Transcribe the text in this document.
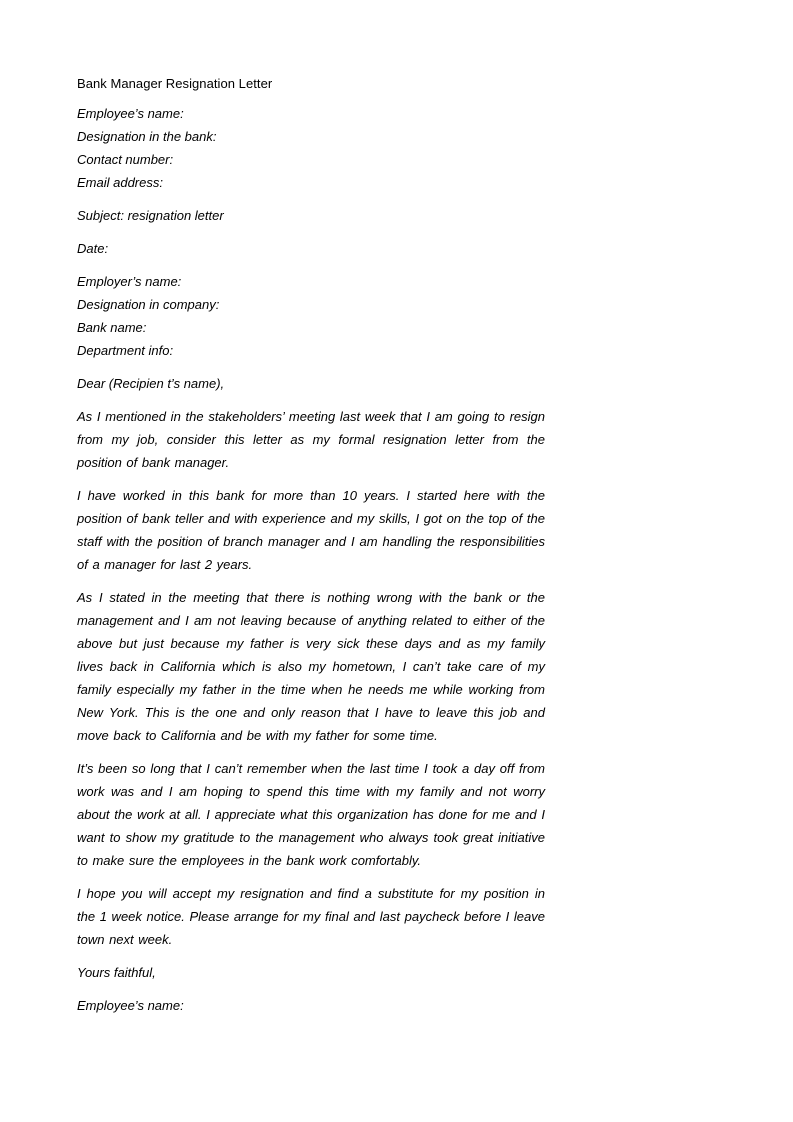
Bank Manager Resignation Letter

Employee’s name:

Designation in the bank:

Contact number:

Email address:

Subject: resignation letter

Date:

Employer’s name:

Designation in company:

Bank name:

Department info:

Dear (Recipien t’s name),

As I mentioned in the stakeholders’ meeting last week that I am going to resign from my job, consider this letter as my formal resignation letter from the position of bank manager.

I have worked in this bank for more than 10 years. I started here with the position of bank teller and with experience and my skills, I got on the top of the staff with the position of branch manager and I am handling the responsibilities of a manager for last 2 years.

As I stated in the meeting that there is nothing wrong with the bank or the management and I am not leaving because of anything related to either of the above but just because my father is very sick these days and as my family lives back in California which is also my hometown, I can’t take care of my family especially my father in the time when he needs me while working from New York. This is the one and only reason that I have to leave this job and move back to California and be with my father for some time.

It’s been so long that I can’t remember when the last time I took a day off from work was and I am hoping to spend this time with my family and not worry about the work at all. I appreciate what this organization has done for me and I want to show my gratitude to the management who always took great initiative to make sure the employees in the bank work comfortably.

I hope you will accept my resignation and find a substitute for my position in the 1 week notice. Please arrange for my final and last paycheck before I leave town next week.

Yours faithful,

Employee’s name:
